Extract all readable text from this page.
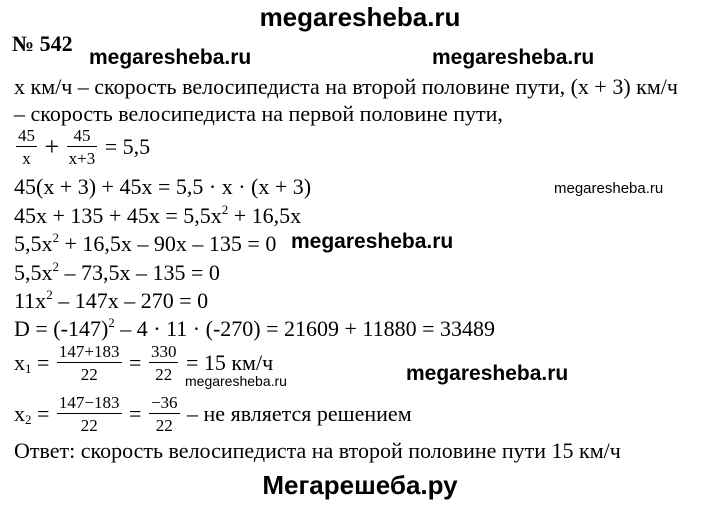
megaresheba.ru
№ 542
megaresheba.ru	megaresheba.ru
x км/ч – скорость велосипедиста на второй половине пути, (x + 3) км/ч
– скорость велосипедиста на первой половине пути,
$\frac{45}{x} + \frac{45}{x+3} = 5,5$
45(x + 3) + 45x = 5,5 · x · (x + 3)	megaresheba.ru
$45x + 135 + 45x = 5,5x^2 + 16,5x$
$5,5x^2 + 16,5x - 90x - 135 = 0$ megaresheba.ru
$5,5x^2 - 73,5x - 135 = 0$
$11x^2 - 147x - 270 = 0$
$D = (-147)^2 - 4 \cdot 11 \cdot (-270) = 21609 + 11880 = 33489$
$x_1 = \frac{147+183}{22} = \frac{330}{22} = 15$ км/ч	megaresheba.ru
megaresheba.ru
$x_2 = \frac{147-183}{22} = \frac{-36}{22}$ – не является решением
Ответ: скорость велосипедиста на второй половине пути 15 км/ч
Мегарешеба.ру
